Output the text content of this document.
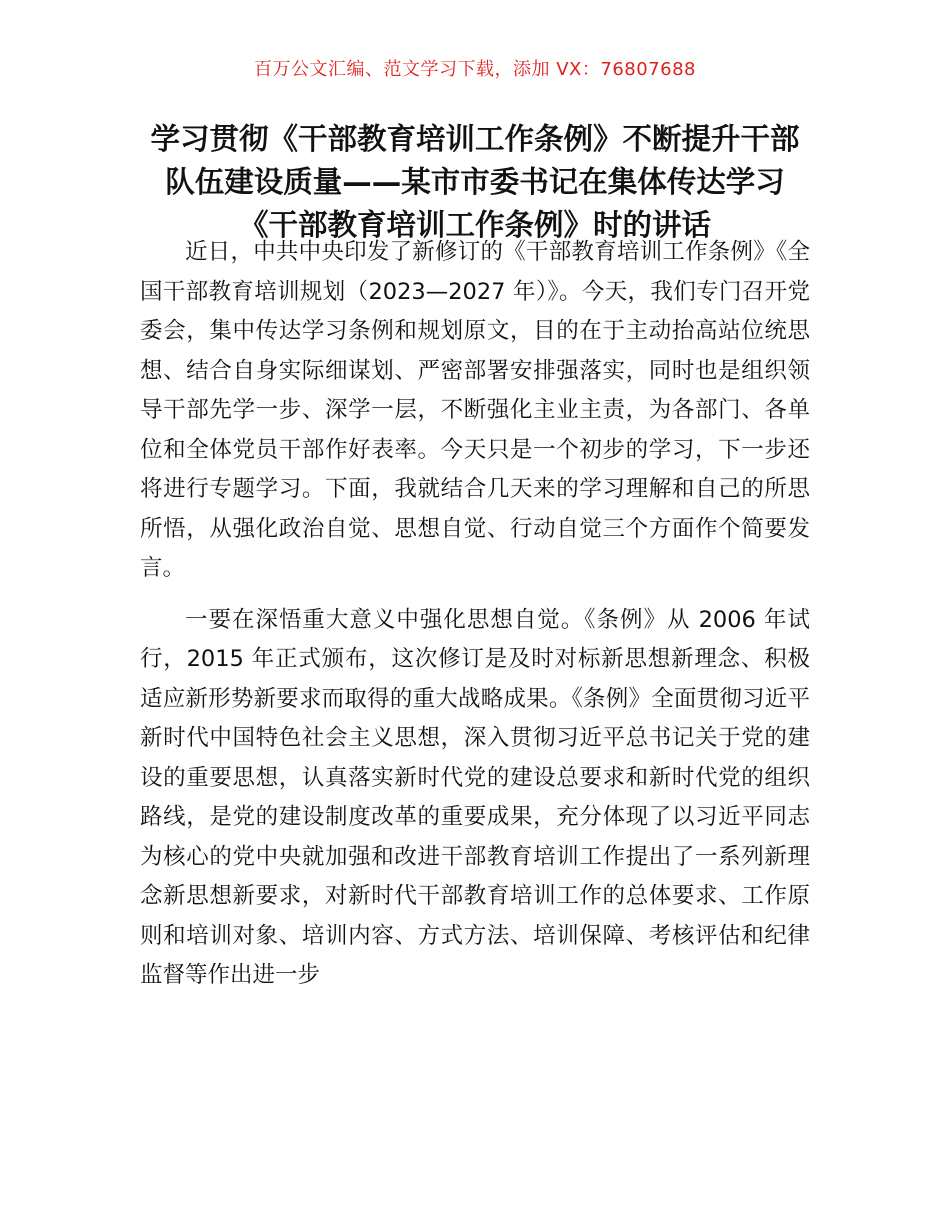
百万公文汇编、范文学习下载，添加 VX：76807688
学习贯彻《干部教育培训工作条例》不断提升干部队伍建设质量——某市市委书记在集体传达学习《干部教育培训工作条例》时的讲话

近日，中共中央印发了新修订的《干部教育培训工作条例》《全国干部教育培训规划（2023—2027 年）》。今天，我们专门召开党委会，集中传达学习条例和规划原文，目的在于主动抬高站位统思想、结合自身实际细谋划、严密部署安排强落实，同时也是组织领导干部先学一步、深学一层，不断强化主业主责，为各部门、各单位和全体党员干部作好表率。今天只是一个初步的学习，下一步还将进行专题学习。下面，我就结合几天来的学习理解和自己的所思所悟，从强化政治自觉、思想自觉、行动自觉三个方面作个简要发言。

一要在深悟重大意义中强化思想自觉。《条例》从 2006 年试行，2015 年正式颁布，这次修订是及时对标新思想新理念、积极适应新形势新要求而取得的重大战略成果。《条例》全面贯彻习近平新时代中国特色社会主义思想，深入贯彻习近平总书记关于党的建设的重要思想，认真落实新时代党的建设总要求和新时代党的组织路线，是党的建设制度改革的重要成果，充分体现了以习近平同志为核心的党中央就加强和改进干部教育培训工作提出了一系列新理念新思想新要求，对新时代干部教育培训工作的总体要求、工作原则和培训对象、培训内容、方式方法、培训保障、考核评估和纪律监督等作出进一步
